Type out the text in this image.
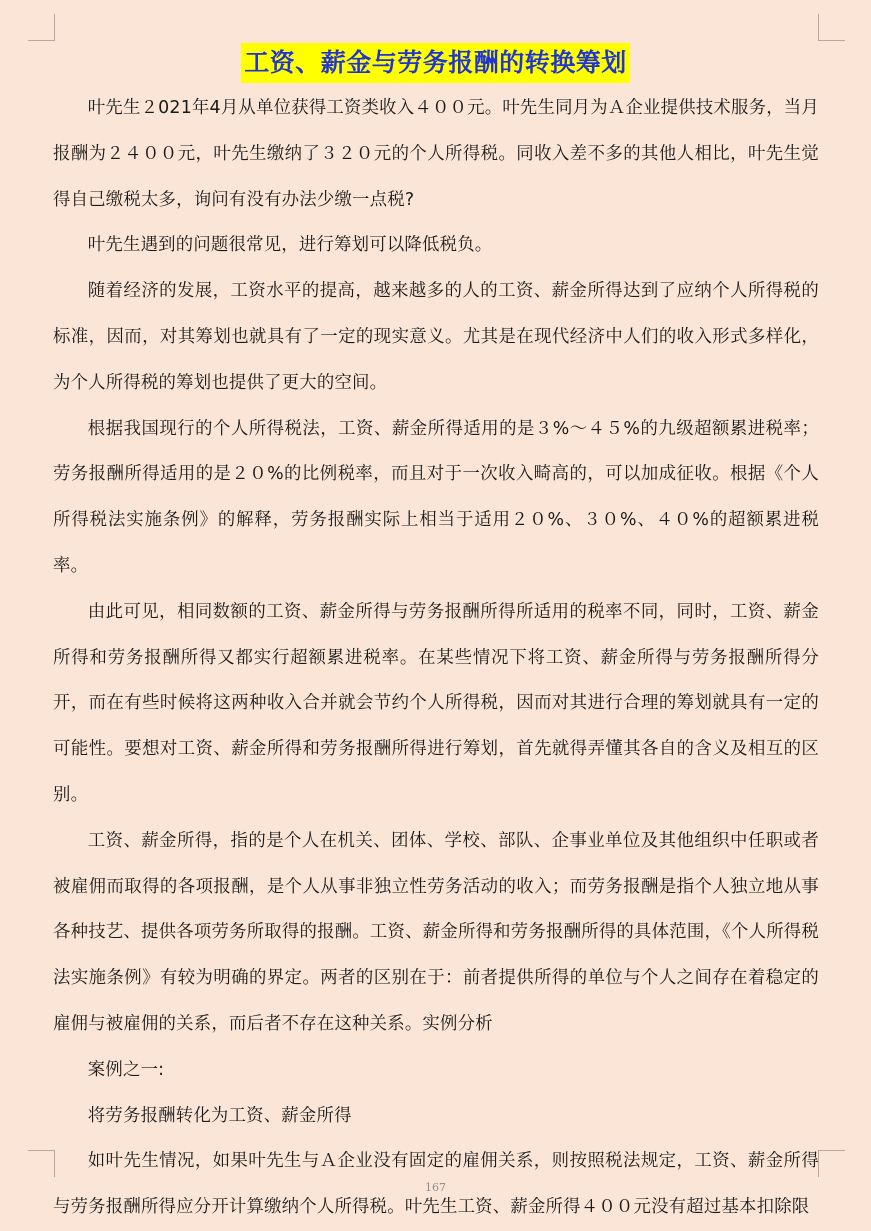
工资、薪金与劳务报酬的转换筹划

叶先生２021年4月从单位获得工资类收入４００元。叶先生同月为Ａ企业提供技术服务，当月报酬为２４００元，叶先生缴纳了３２０元的个人所得税。同收入差不多的其他人相比，叶先生觉得自己缴税太多，询问有没有办法少缴一点税?

叶先生遇到的问题很常见，进行筹划可以降低税负。

随着经济的发展，工资水平的提高，越来越多的人的工资、薪金所得达到了应纳个人所得税的标准，因而，对其筹划也就具有了一定的现实意义。尤其是在现代经济中人们的收入形式多样化，为个人所得税的筹划也提供了更大的空间。

根据我国现行的个人所得税法，工资、薪金所得适用的是３%～４５%的九级超额累进税率；劳务报酬所得适用的是２０%的比例税率，而且对于一次收入畸高的，可以加成征收。根据《个人所得税法实施条例》的解释，劳务报酬实际上相当于适用２０%、３０%、４０%的超额累进税率。

由此可见，相同数额的工资、薪金所得与劳务报酬所得所适用的税率不同，同时，工资、薪金所得和劳务报酬所得又都实行超额累进税率。在某些情况下将工资、薪金所得与劳务报酬所得分开，而在有些时候将这两种收入合并就会节约个人所得税，因而对其进行合理的筹划就具有一定的可能性。要想对工资、薪金所得和劳务报酬所得进行筹划，首先就得弄懂其各自的含义及相互的区别。

工资、薪金所得，指的是个人在机关、团体、学校、部队、企事业单位及其他组织中任职或者被雇佣而取得的各项报酬，是个人从事非独立性劳务活动的收入；而劳务报酬是指个人独立地从事各种技艺、提供各项劳务所取得的报酬。工资、薪金所得和劳务报酬所得的具体范围，《个人所得税法实施条例》有较为明确的界定。两者的区别在于：前者提供所得的单位与个人之间存在着稳定的雇佣与被雇佣的关系，而后者不存在这种关系。实例分析

案例之一:

将劳务报酬转化为工资、薪金所得

如叶先生情况，如果叶先生与Ａ企业没有固定的雇佣关系，则按照税法规定，工资、薪金所得与劳务报酬所得应分开计算缴纳个人所得税。叶先生工资、薪金所得４００元没有超过基本扣除限

167
